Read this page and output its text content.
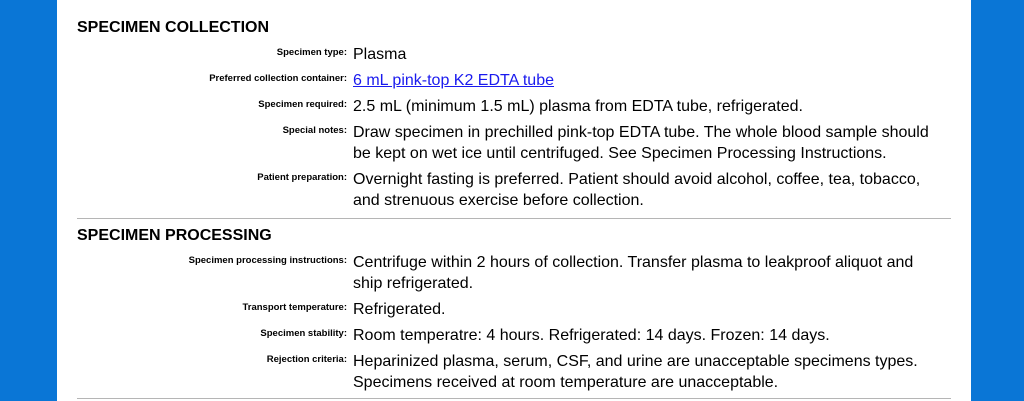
SPECIMEN COLLECTION
Specimen type: Plasma
Preferred collection container: 6 mL pink-top K2 EDTA tube
Specimen required: 2.5 mL (minimum 1.5 mL) plasma from EDTA tube, refrigerated.
Special notes: Draw specimen in prechilled pink-top EDTA tube. The whole blood sample should be kept on wet ice until centrifuged. See Specimen Processing Instructions.
Patient preparation: Overnight fasting is preferred. Patient should avoid alcohol, coffee, tea, tobacco, and strenuous exercise before collection.
SPECIMEN PROCESSING
Specimen processing instructions: Centrifuge within 2 hours of collection. Transfer plasma to leakproof aliquot and ship refrigerated.
Transport temperature: Refrigerated.
Specimen stability: Room temperatre: 4 hours. Refrigerated: 14 days. Frozen: 14 days.
Rejection criteria: Heparinized plasma, serum, CSF, and urine are unacceptable specimens types. Specimens received at room temperature are unacceptable.
